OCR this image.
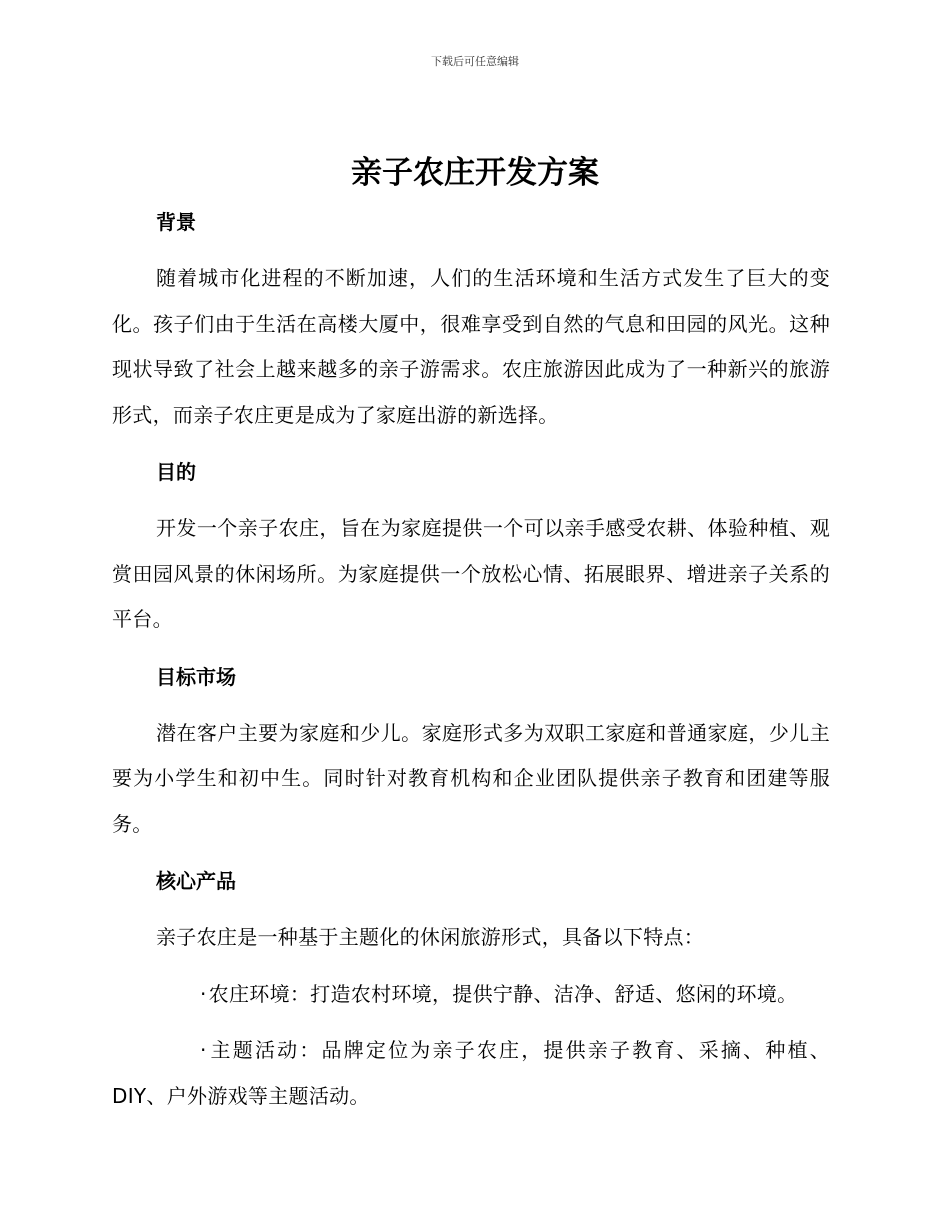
下载后可任意编辑
亲子农庄开发方案
背景

随着城市化进程的不断加速，人们的生活环境和生活方式发生了巨大的变化。孩子们由于生活在高楼大厦中，很难享受到自然的气息和田园的风光。这种现状导致了社会上越来越多的亲子游需求。农庄旅游因此成为了一种新兴的旅游形式，而亲子农庄更是成为了家庭出游的新选择。

目的

开发一个亲子农庄，旨在为家庭提供一个可以亲手感受农耕、体验种植、观赏田园风景的休闲场所。为家庭提供一个放松心情、拓展眼界、增进亲子关系的平台。

目标市场

潜在客户主要为家庭和少儿。家庭形式多为双职工家庭和普通家庭，少儿主要为小学生和初中生。同时针对教育机构和企业团队提供亲子教育和团建等服务。

核心产品

亲子农庄是一种基于主题化的休闲旅游形式，具备以下特点：

· 农庄环境：打造农村环境，提供宁静、洁净、舒适、悠闲的环境。

· 主题活动：品牌定位为亲子农庄，提供亲子教育、采摘、种植、DIY、户外游戏等主题活动。
